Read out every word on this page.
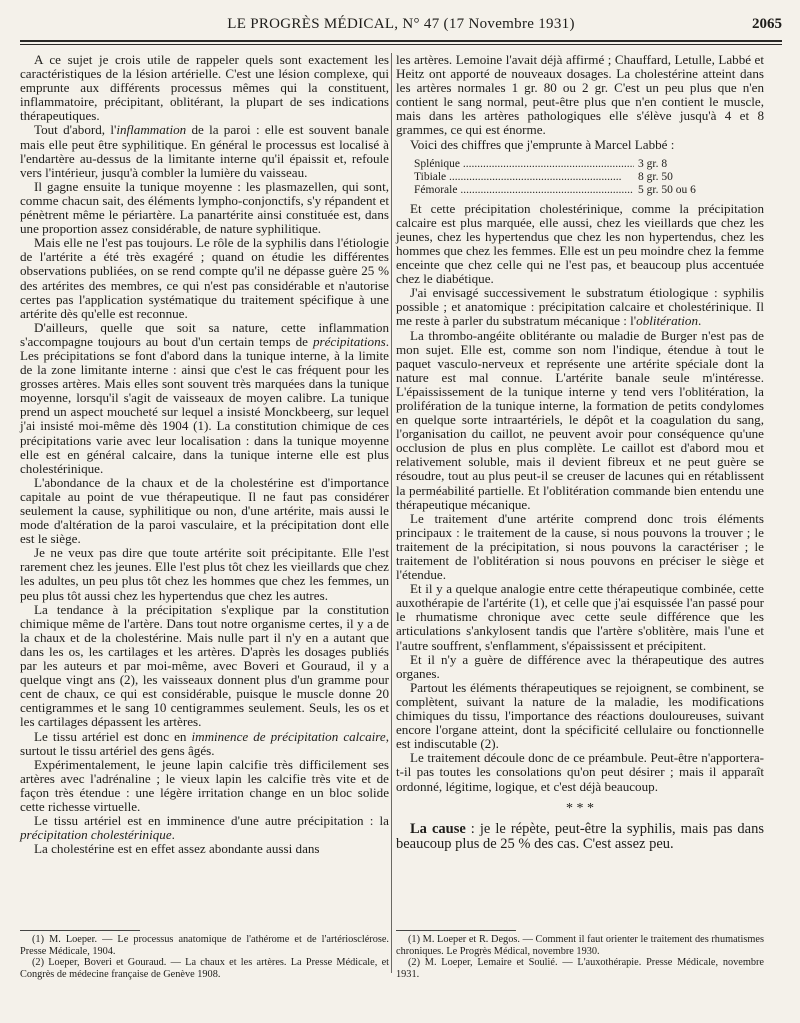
LE PROGRÈS MÉDICAL, N° 47 (17 Novembre 1931)	2065

A ce sujet je crois utile de rappeler quels sont exactement les caractéristiques de la lésion artérielle. C'est une lésion complexe, qui emprunte aux différents processus mêmes qui la constituent, inflammatoire, précipitant, oblitérant, la plupart de ses indications thérapeutiques.

Tout d'abord, l'inflammation de la paroi : elle est souvent banale mais elle peut être syphilitique. En général le processus est localisé à l'endartère au-dessus de la limitante interne qu'il épaissit et, refoule vers l'intérieur, jusqu'à combler la lumière du vaisseau.

Il gagne ensuite la tunique moyenne : les plasmazellen, qui sont, comme chacun sait, des éléments lympho-conjonctifs, s'y répandent et pénètrent même le périartère. La panartérite ainsi constituée est, dans une proportion assez considérable, de nature syphilitique.

Mais elle ne l'est pas toujours. Le rôle de la syphilis dans l'étiologie de l'artérite a été très exagéré ; quand on étudie les différentes observations publiées, on se rend compte qu'il ne dépasse guère 25 % des artérites des membres, ce qui n'est pas considérable et n'autorise certes pas l'application systématique du traitement spécifique à une artérite dès qu'elle est reconnue.

D'ailleurs, quelle que soit sa nature, cette inflammation s'accompagne toujours au bout d'un certain temps de précipitations. Les précipitations se font d'abord dans la tunique interne, à la limite de la zone limitante interne : ainsi que c'est le cas fréquent pour les grosses artères. Mais elles sont souvent très marquées dans la tunique moyenne, lorsqu'il s'agit de vaisseaux de moyen calibre. La tunique prend un aspect moucheté sur lequel a insisté Monckbeerg, sur lequel j'ai insisté moi-même dès 1904 (1). La constitution chimique de ces précipitations varie avec leur localisation : dans la tunique moyenne elle est en général calcaire, dans la tunique interne elle est plus cholestérinique.

L'abondance de la chaux et de la cholestérine est d'importance capitale au point de vue thérapeutique. Il ne faut pas considérer seulement la cause, syphilitique ou non, d'une artérite, mais aussi le mode d'altération de la paroi vasculaire, et la précipitation dont elle est le siège.

Je ne veux pas dire que toute artérite soit précipitante. Elle l'est rarement chez les jeunes. Elle l'est plus tôt chez les vieillards que chez les adultes, un peu plus tôt chez les hommes que chez les femmes, un peu plus tôt aussi chez les hypertendus que chez les autres.

La tendance à la précipitation s'explique par la constitution chimique même de l'artère. Dans tout notre organisme certes, il y a de la chaux et de la cholestérine. Mais nulle part il n'y en a autant que dans les os, les cartilages et les artères. D'après les dosages publiés par les auteurs et par moi-même, avec Boveri et Gouraud, il y a quelque vingt ans (2), les vaisseaux donnent plus d'un gramme pour cent de chaux, ce qui est considérable, puisque le muscle donne 20 centigrammes et le sang 10 centigrammes seulement. Seuls, les os et les cartilages dépassent les artères.

Le tissu artériel est donc en imminence de précipitation calcaire, surtout le tissu artériel des gens âgés.

Expérimentalement, le jeune lapin calcifie très difficilement ses artères avec l'adrénaline ; le vieux lapin les calcifie très vite et de façon très étendue : une légère irritation change en un bloc solide cette richesse virtuelle.

Le tissu artériel est en imminence d'une autre précipitation : la précipitation cholestérinique.

La cholestérine est en effet assez abondante aussi dans

les artères. Lemoine l'avait déjà affirmé ; Chauffard, Letulle, Labbé et Heitz ont apporté de nouveaux dosages. La cholestérine atteint dans les artères normales 1 gr. 80 ou 2 gr. C'est un peu plus que n'en contient le sang normal, peut-être plus que n'en contient le muscle, mais dans les artères pathologiques elle s'élève jusqu'à 4 et 8 grammes, ce qui est énorme.

Voici des chiffres que j'emprunte à Marcel Labbé :

Splénique .....	3 gr. 8
Tibiale .....	8 gr. 50
Fémorale .....	5 gr. 50 ou 6

Et cette précipitation cholestérinique, comme la précipitation calcaire est plus marquée, elle aussi, chez les vieillards que chez les jeunes, chez les hypertendus que chez les non hypertendus, chez les hommes que chez les femmes. Elle est un peu moindre chez la femme enceinte que chez celle qui ne l'est pas, et beaucoup plus accentuée chez le diabétique.

J'ai envisagé successivement le substratum étiologique : syphilis possible ; et anatomique : précipitation calcaire et cholestérinique. Il me reste à parler du substratum mécanique : l'oblitération.

La thrombo-angéite oblitérante ou maladie de Burger n'est pas de mon sujet. Elle est, comme son nom l'indique, étendue à tout le paquet vasculo-nerveux et représente une artérite spéciale dont la nature est mal connue. L'artérite banale seule m'intéresse. L'épaississement de la tunique interne y tend vers l'oblitération, la prolifération de la tunique interne, la formation de petits condylomes en quelque sorte intraartériels, le dépôt et la coagulation du sang, l'organisation du caillot, ne peuvent avoir pour conséquence qu'une occlusion de plus en plus complète. Le caillot est d'abord mou et relativement soluble, mais il devient fibreux et ne peut guère se résoudre, tout au plus peut-il se creuser de lacunes qui en rétablissent la perméabilité partielle. Et l'oblitération commande bien entendu une thérapeutique mécanique.

Le traitement d'une artérite comprend donc trois éléments principaux : le traitement de la cause, si nous pouvons la trouver ; le traitement de la précipitation, si nous pouvons la caractériser ; le traitement de l'oblitération si nous pouvons en préciser le siège et l'étendue.

Et il y a quelque analogie entre cette thérapeutique combinée, cette auxothérapie de l'artérite (1), et celle que j'ai esquissée l'an passé pour le rhumatisme chronique avec cette seule différence que les articulations s'ankylosent tandis que l'artère s'oblitère, mais l'une et l'autre souffrent, s'enflamment, s'épaississent et précipitent.

Et il n'y a guère de différence avec la thérapeutique des autres organes.

Partout les éléments thérapeutiques se rejoignent, se combinent, se complètent, suivant la nature de la maladie, les modifications chimiques du tissu, l'importance des réactions douloureuses, suivant encore l'organe atteint, dont la spécificité cellulaire ou fonctionnelle est indiscutable (2).

Le traitement découle donc de ce préambule. Peut-être n'apportera-t-il pas toutes les consolations qu'on peut désirer ; mais il apparaît ordonné, légitime, logique, et c'est déjà beaucoup.

* * *

La cause : je le répète, peut-être la syphilis, mais pas dans beaucoup plus de 25 % des cas. C'est assez peu.

(1) M. Loeper. — Le processus anatomique de l'athérome et de l'artériosclérose. Presse Médicale, 1904.

(2) Loeper, Boveri et Gouraud. — La chaux et les artères. La Presse Médicale, et Congrès de médecine française de Genève 1908.

(1) M. Loeper et R. Degos. — Comment il faut orienter le traitement des rhumatismes chroniques. Le Progrès Médical, novembre 1930.

(2) M. Loeper, Lemaire et Soulié. — L'auxothérapie. Presse Médicale, novembre 1931.
